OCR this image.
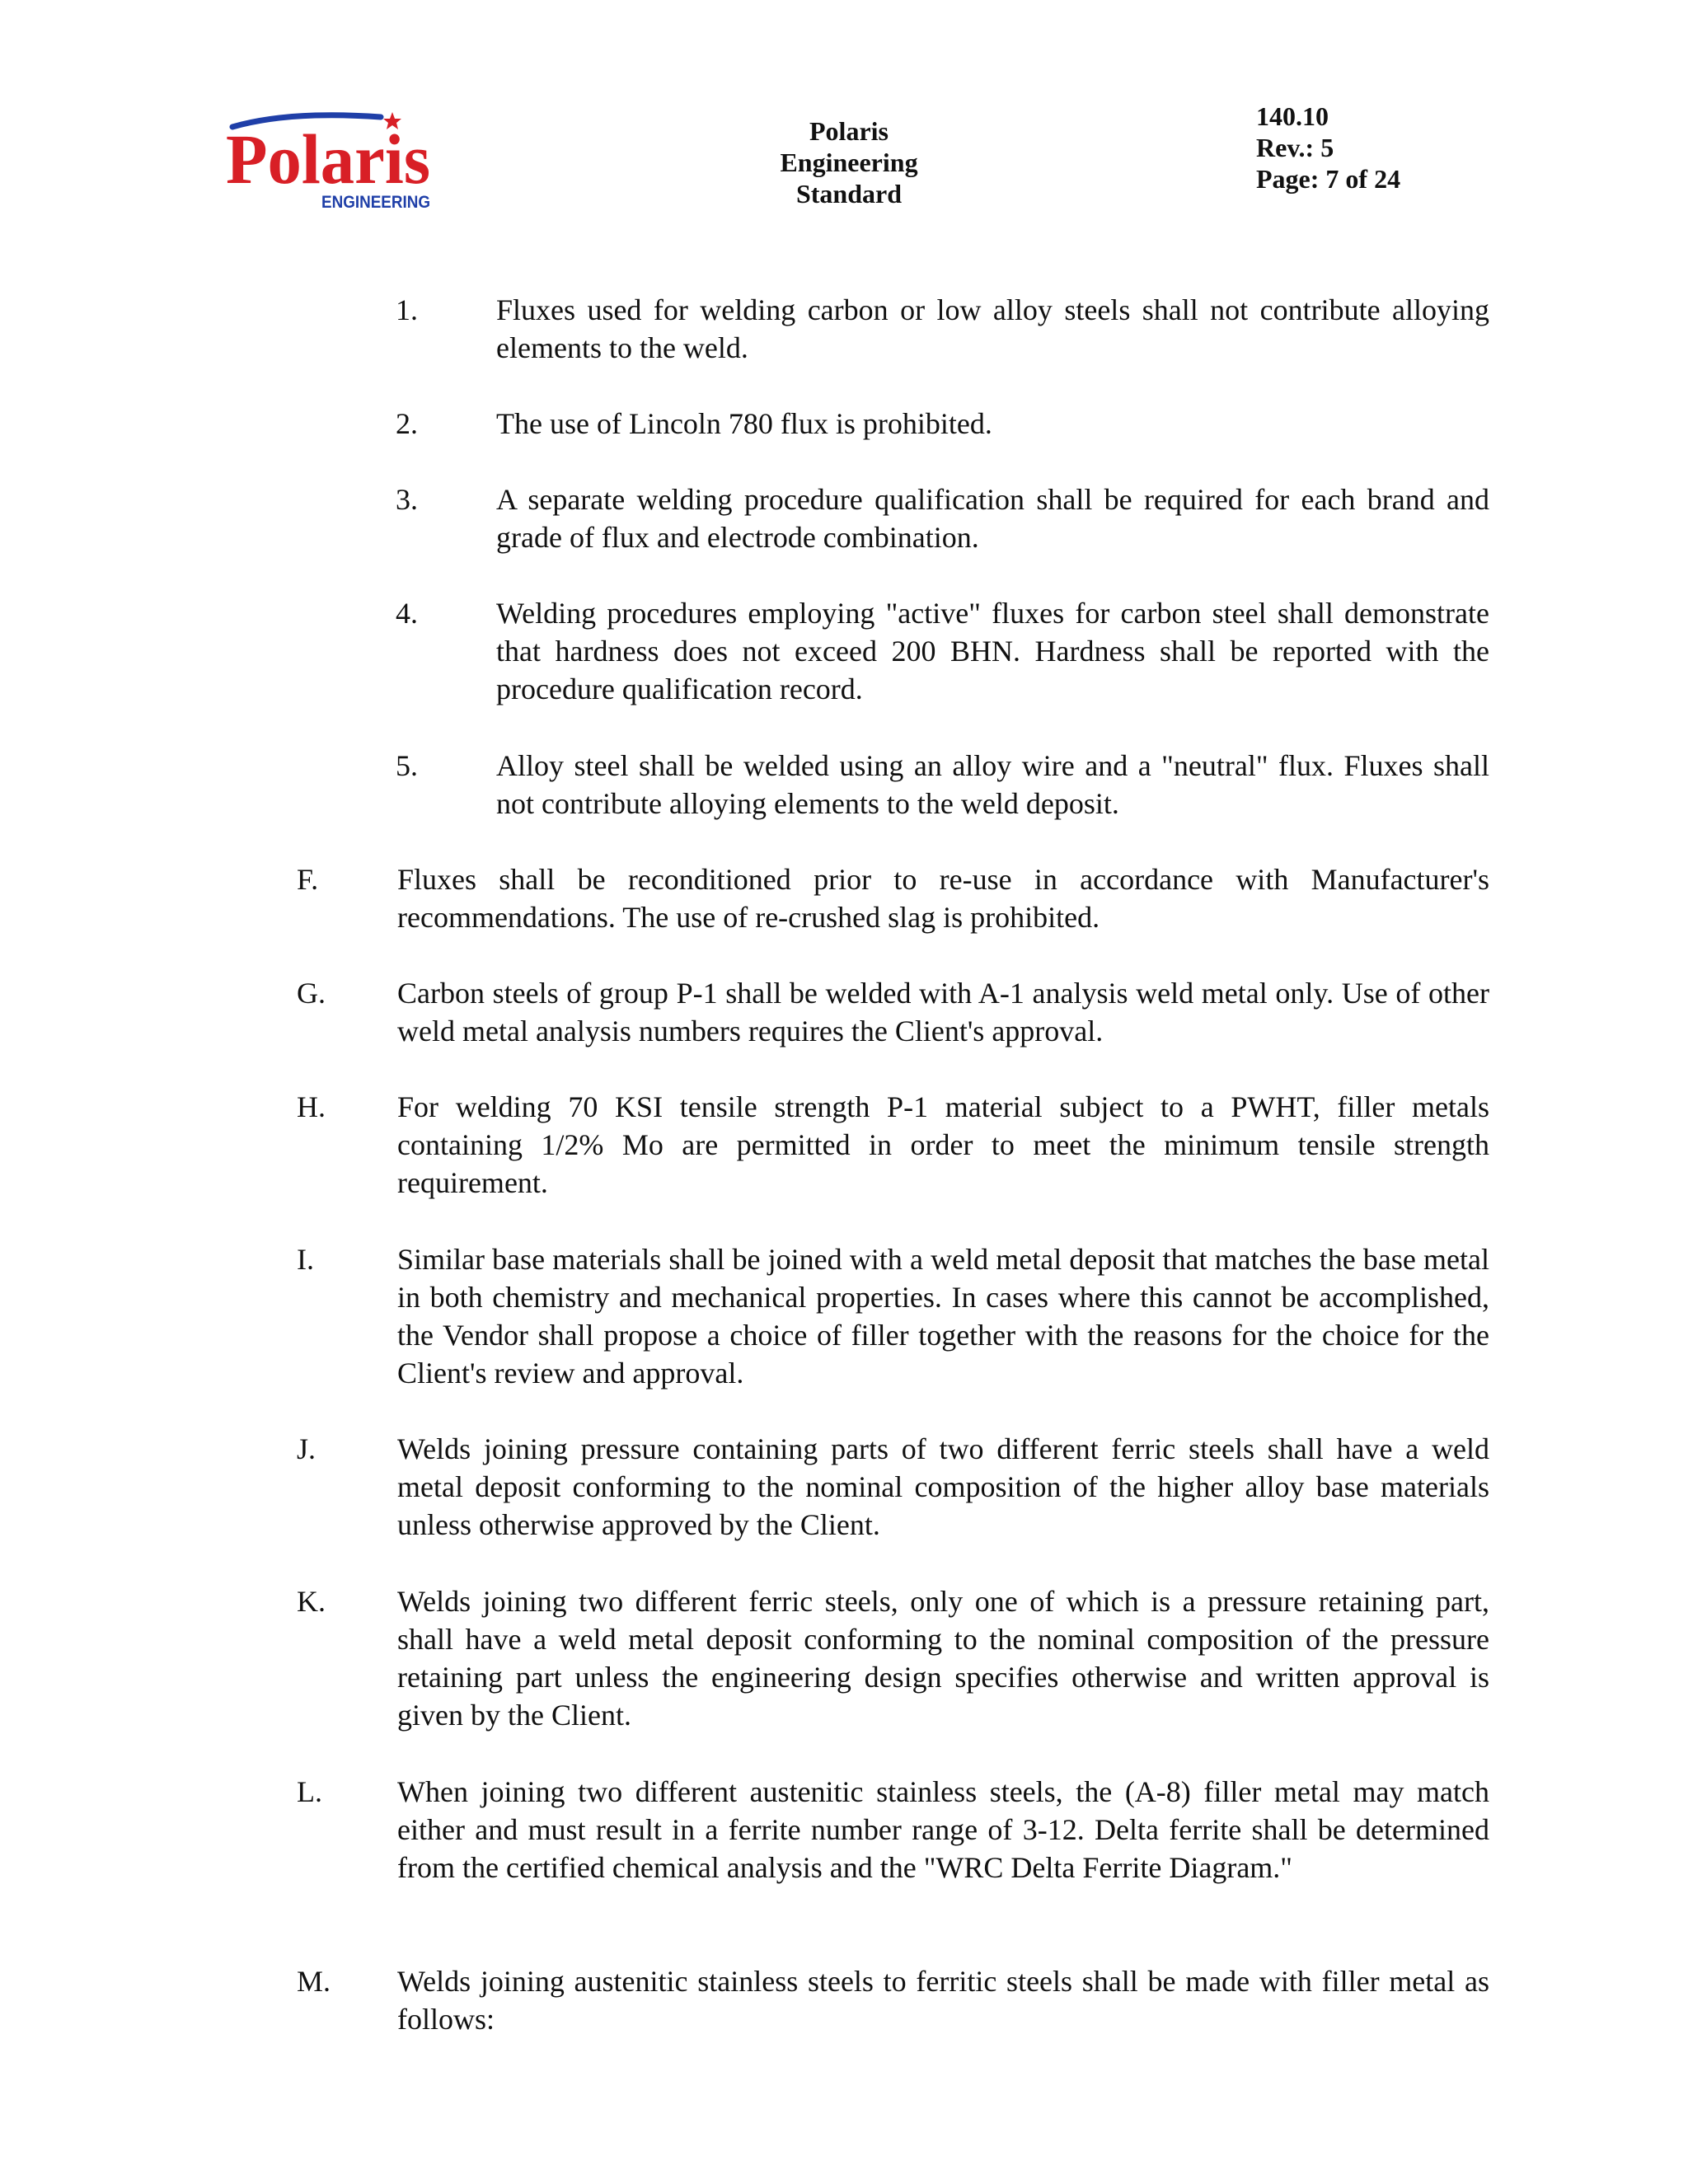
Polaris
ENGINEERING
Polaris
Engineering
Standard
140.10
Rev.: 5
Page: 7 of 24
1.	Fluxes used for welding carbon or low alloy steels shall not contribute alloying elements to the weld.
2.	The use of Lincoln 780 flux is prohibited.
3.	A separate welding procedure qualification shall be required for each brand and grade of flux and electrode combination.
4.	Welding procedures employing "active" fluxes for carbon steel shall demonstrate that hardness does not exceed 200 BHN. Hardness shall be reported with the procedure qualification record.
5.	Alloy steel shall be welded using an alloy wire and a "neutral" flux. Fluxes shall not contribute alloying elements to the weld deposit.
F.	Fluxes shall be reconditioned prior to re-use in accordance with Manufacturer's recommendations. The use of re-crushed slag is prohibited.
G. Carbon steels of group P-1 shall be welded with A-1 analysis weld metal only. Use of other weld metal analysis numbers requires the Client's approval.
H. For welding 70 KSI tensile strength P-1 material subject to a PWHT, filler metals containing 1/2% Mo are permitted in order to meet the minimum tensile strength requirement.
I.	Similar base materials shall be joined with a weld metal deposit that matches the base metal in both chemistry and mechanical properties. In cases where this cannot be accomplished, the Vendor shall propose a choice of filler together with the reasons for the choice for the Client's review and approval.
J.	Welds joining pressure containing parts of two different ferric steels shall have a weld metal deposit conforming to the nominal composition of the higher alloy base materials unless otherwise approved by the Client.
K. Welds joining two different ferric steels, only one of which is a pressure retaining part, shall have a weld metal deposit conforming to the nominal composition of the pressure retaining part unless the engineering design specifies otherwise and written approval is given by the Client.
L.	When joining two different austenitic stainless steels, the (A-8) filler metal may match either and must result in a ferrite number range of 3-12. Delta ferrite shall be determined from the certified chemical analysis and the "WRC Delta Ferrite Diagram."
M. Welds joining austenitic stainless steels to ferritic steels shall be made with filler metal as follows:
